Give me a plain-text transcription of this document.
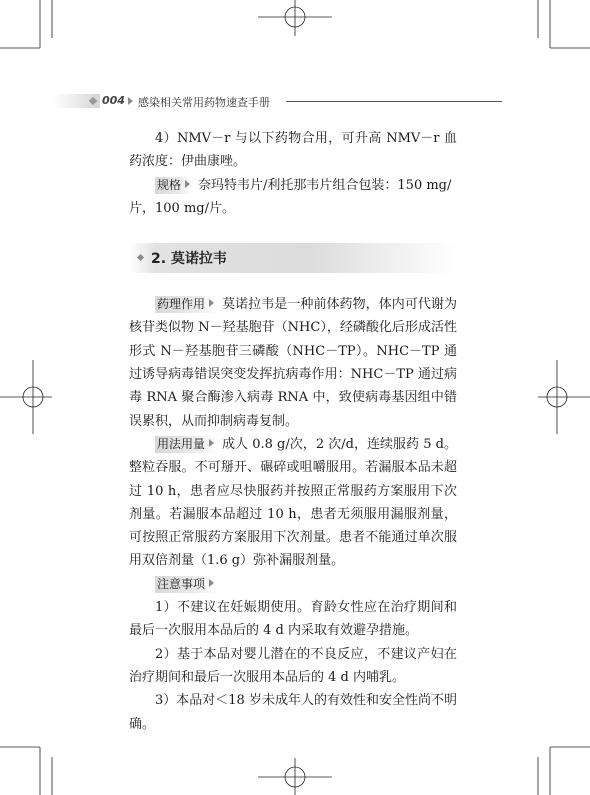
004 感染相关常用药物速查手册

4）NMV－r 与以下药物合用，可升高 NMV－r 血药浓度：伊曲康唑。

规格 奈玛特韦片/利托那韦片组合包装：150 mg/片，100 mg/片。

2. 莫诺拉韦

药理作用 莫诺拉韦是一种前体药物，体内可代谢为核苷类似物 N－羟基胞苷（NHC），经磷酸化后形成活性形式 N－羟基胞苷三磷酸（NHC－TP）。NHC－TP 通过诱导病毒错误突变发挥抗病毒作用：NHC－TP 通过病毒 RNA 聚合酶渗入病毒 RNA 中，致使病毒基因组中错误累积，从而抑制病毒复制。

用法用量 成人 0.8 g/次，2 次/d，连续服药 5 d。整粒吞服。不可掰开、碾碎或咀嚼服用。若漏服本品未超过 10 h，患者应尽快服药并按照正常服药方案服用下次剂量。若漏服本品超过 10 h，患者无须服用漏服剂量，可按照正常服药方案服用下次剂量。患者不能通过单次服用双倍剂量（1.6 g）弥补漏服剂量。

注意事项

1）不建议在妊娠期使用。育龄女性应在治疗期间和最后一次服用本品后的 4 d 内采取有效避孕措施。

2）基于本品对婴儿潜在的不良反应，不建议产妇在治疗期间和最后一次服用本品后的 4 d 内哺乳。

3）本品对＜18 岁未成年人的有效性和安全性尚不明确。
